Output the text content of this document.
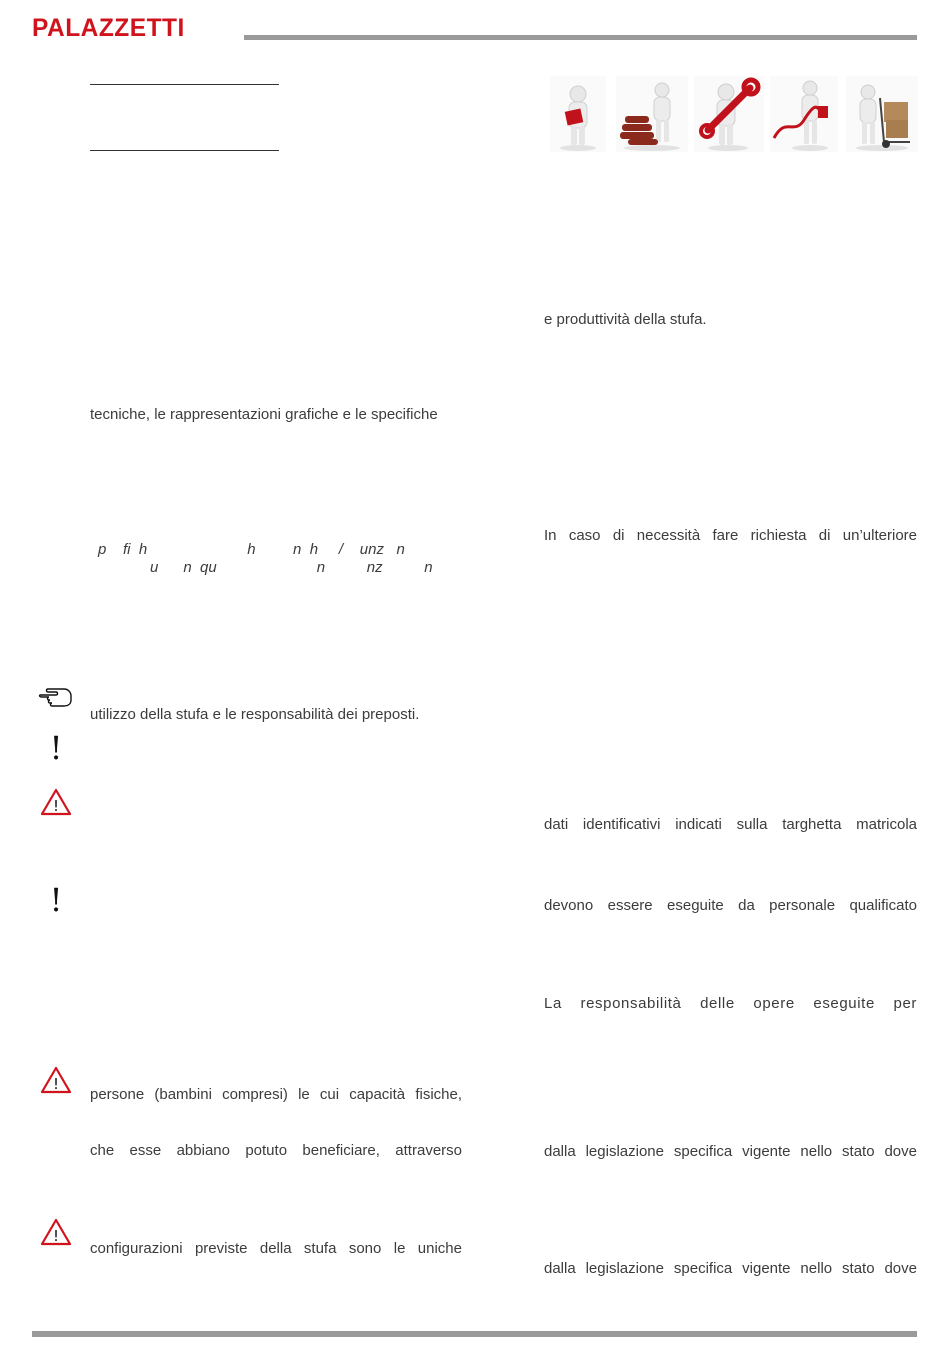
PALAZZETTI
tecniche, le rappresentazioni grafiche e le specifiche
p    fi  h                        h         n  h     /    unz   n
u      n  qu                        n          nz          n
utilizzo della stufa e le responsabilità dei preposti.
persone (bambini compresi) le cui capacità fisiche,
che esse abbiano potuto beneficiare, attraverso
configurazioni previste della stufa sono le uniche
!
!
!
!
!
e produttività della stufa.
In caso di necessità fare richiesta di un’ulteriore
dati identificativi indicati sulla targhetta matricola
devono essere eseguite da personale qualificato
La responsabilità delle opere eseguite per
dalla legislazione specifica vigente nello stato dove
dalla legislazione specifica vigente nello stato dove
